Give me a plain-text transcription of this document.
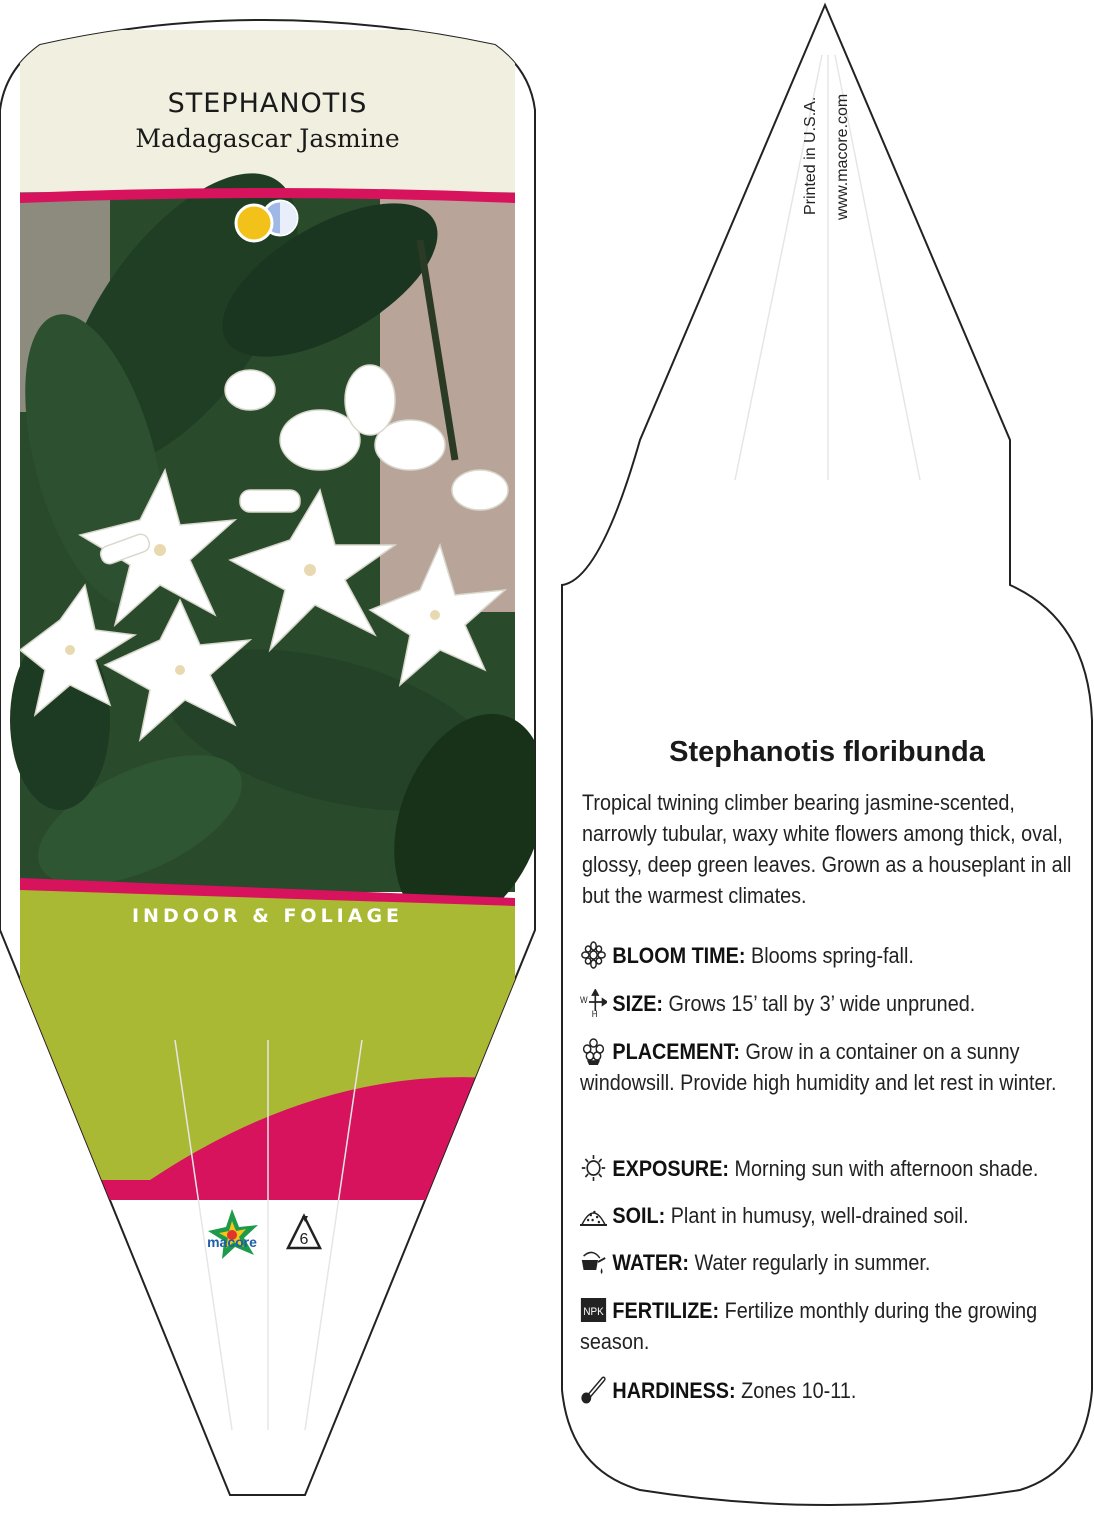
STEPHANOTIS
Madagascar Jasmine
INDOOR & FOLIAGE
macore	6
Printed in U.S.A. www.macore.com
Stephanotis floribunda
Tropical twining climber bearing jasmine-scented, narrowly tubular, waxy white flowers among thick, oval, glossy, deep green leaves. Grown as a houseplant in all but the warmest climates.
BLOOM TIME: Blooms spring-fall.
W
H SIZE: Grows 15’ tall by 3’ wide unpruned.
PLACEMENT: Grow in a container on a sunny windowsill. Provide high humidity and let rest in winter.
EXPOSURE: Morning sun with afternoon shade.
SOIL: Plant in humusy, well-drained soil.
WATER: Water regularly in summer.
NPK FERTILIZE: Fertilize monthly during the growing season.
HARDINESS: Zones 10-11.
